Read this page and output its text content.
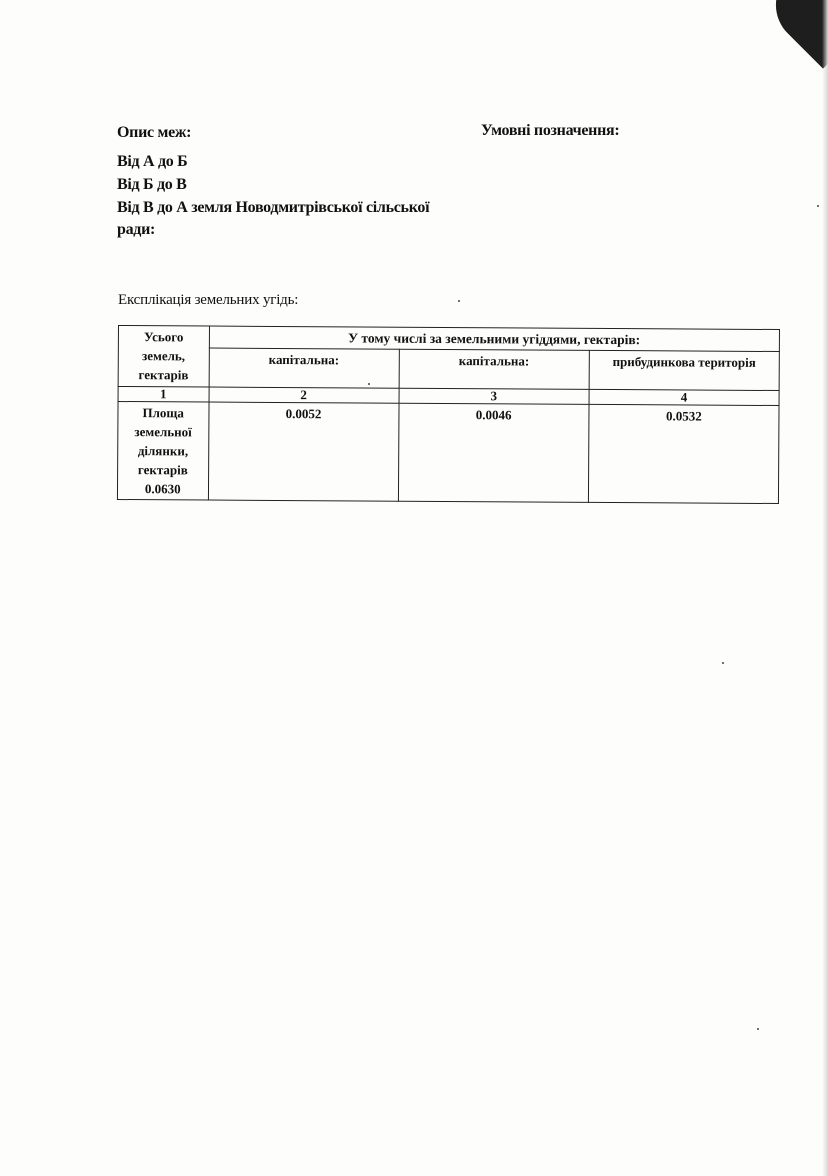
Опис меж:	Умовні позначення:
Від А до Б
Від Б до В
Від В до А земля Новодмитрівської сільської
ради:
Експлікація земельних угідь:
Усього земель, гектарів	У тому числі за земельними угіддями, гектарів:		
	капітальна:	капітальна:	прибудинкова територія
1	2	3	4
Площа земельної ділянки, гектарів 0.0630	0.0052	0.0046	0.0532
